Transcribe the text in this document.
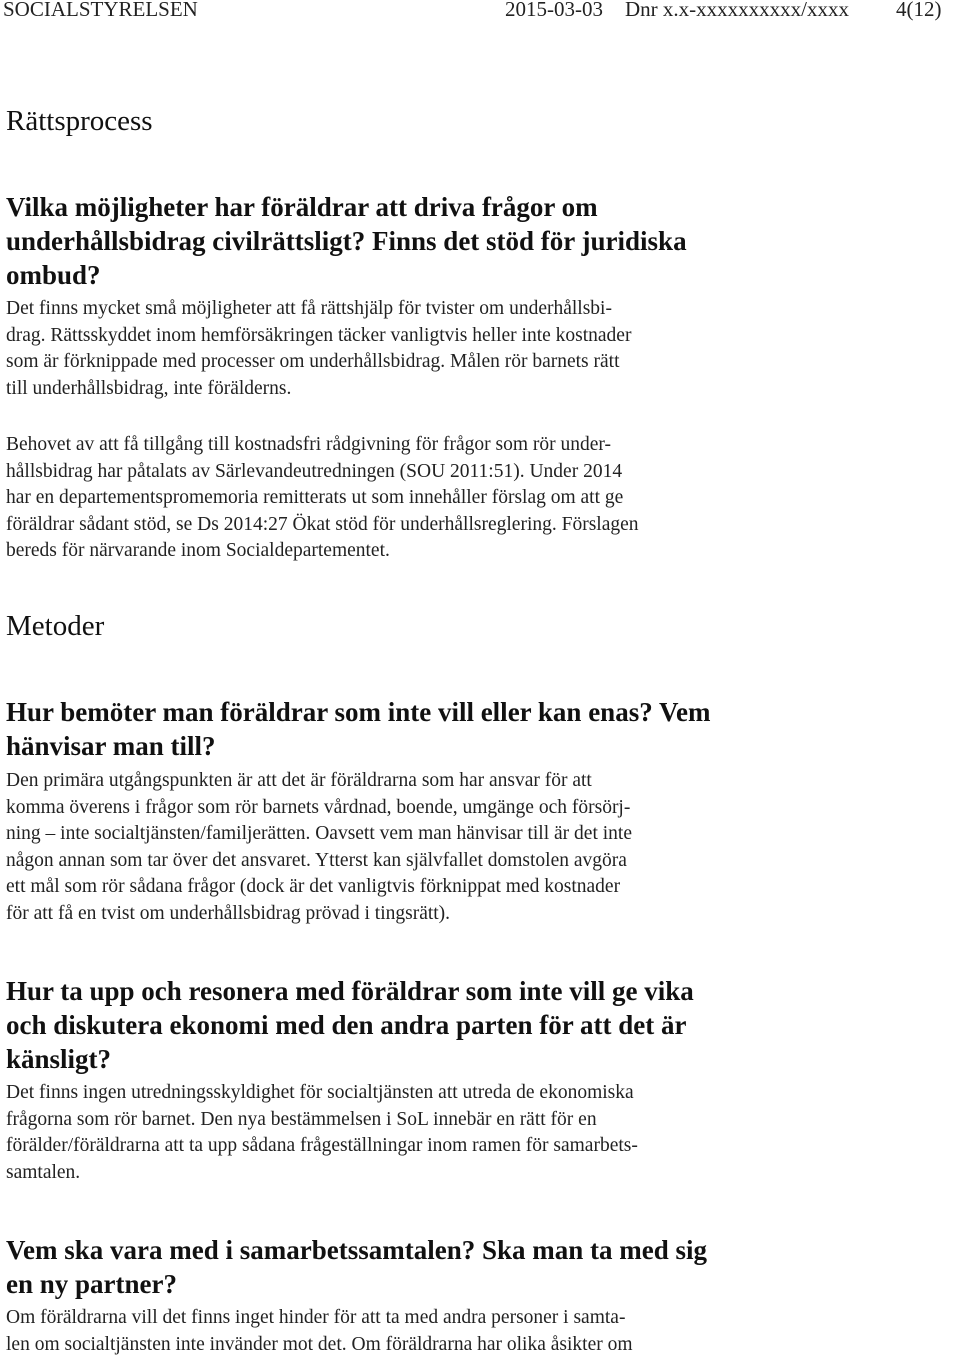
SOCIALSTYRELSEN	2015-03-03 Dnr x.x-xxxxxxxxxx/xxxx 4(12)
Rättsprocess
Vilka möjligheter har föräldrar att driva frågor om
underhållsbidrag civilrättsligt? Finns det stöd för juridiska
ombud?

Det finns mycket små möjligheter att få rättshjälp för tvister om underhållsbi-
drag. Rättsskyddet inom hemförsäkringen täcker vanligtvis heller inte kostnader
som är förknippade med processer om underhållsbidrag. Målen rör barnets rätt
till underhållsbidrag, inte förälderns.

Behovet av att få tillgång till kostnadsfri rådgivning för frågor som rör under-
hållsbidrag har påtalats av Särlevandeutredningen (SOU 2011:51). Under 2014
har en departementspromemoria remitterats ut som innehåller förslag om att ge
föräldrar sådant stöd, se Ds 2014:27 Ökat stöd för underhållsreglering. Förslagen
bereds för närvarande inom Socialdepartementet.

Metoder
Hur bemöter man föräldrar som inte vill eller kan enas? Vem
hänvisar man till?

Den primära utgångspunkten är att det är föräldrarna som har ansvar för att
komma överens i frågor som rör barnets vårdnad, boende, umgänge och försörj-
ning – inte socialtjänsten/familjerätten. Oavsett vem man hänvisar till är det inte
någon annan som tar över det ansvaret. Ytterst kan självfallet domstolen avgöra
ett mål som rör sådana frågor (dock är det vanligtvis förknippat med kostnader
för att få en tvist om underhållsbidrag prövad i tingsrätt).

Hur ta upp och resonera med föräldrar som inte vill ge vika
och diskutera ekonomi med den andra parten för att det är
känsligt?

Det finns ingen utredningsskyldighet för socialtjänsten att utreda de ekonomiska
frågorna som rör barnet. Den nya bestämmelsen i SoL innebär en rätt för en
förälder/föräldrarna att ta upp sådana frågeställningar inom ramen för samarbets-
samtalen.

Vem ska vara med i samarbetssamtalen? Ska man ta med sig
en ny partner?

Om föräldrarna vill det finns inget hinder för att ta med andra personer i samta-
len om socialtjänsten inte invänder mot det. Om föräldrarna har olika åsikter om
